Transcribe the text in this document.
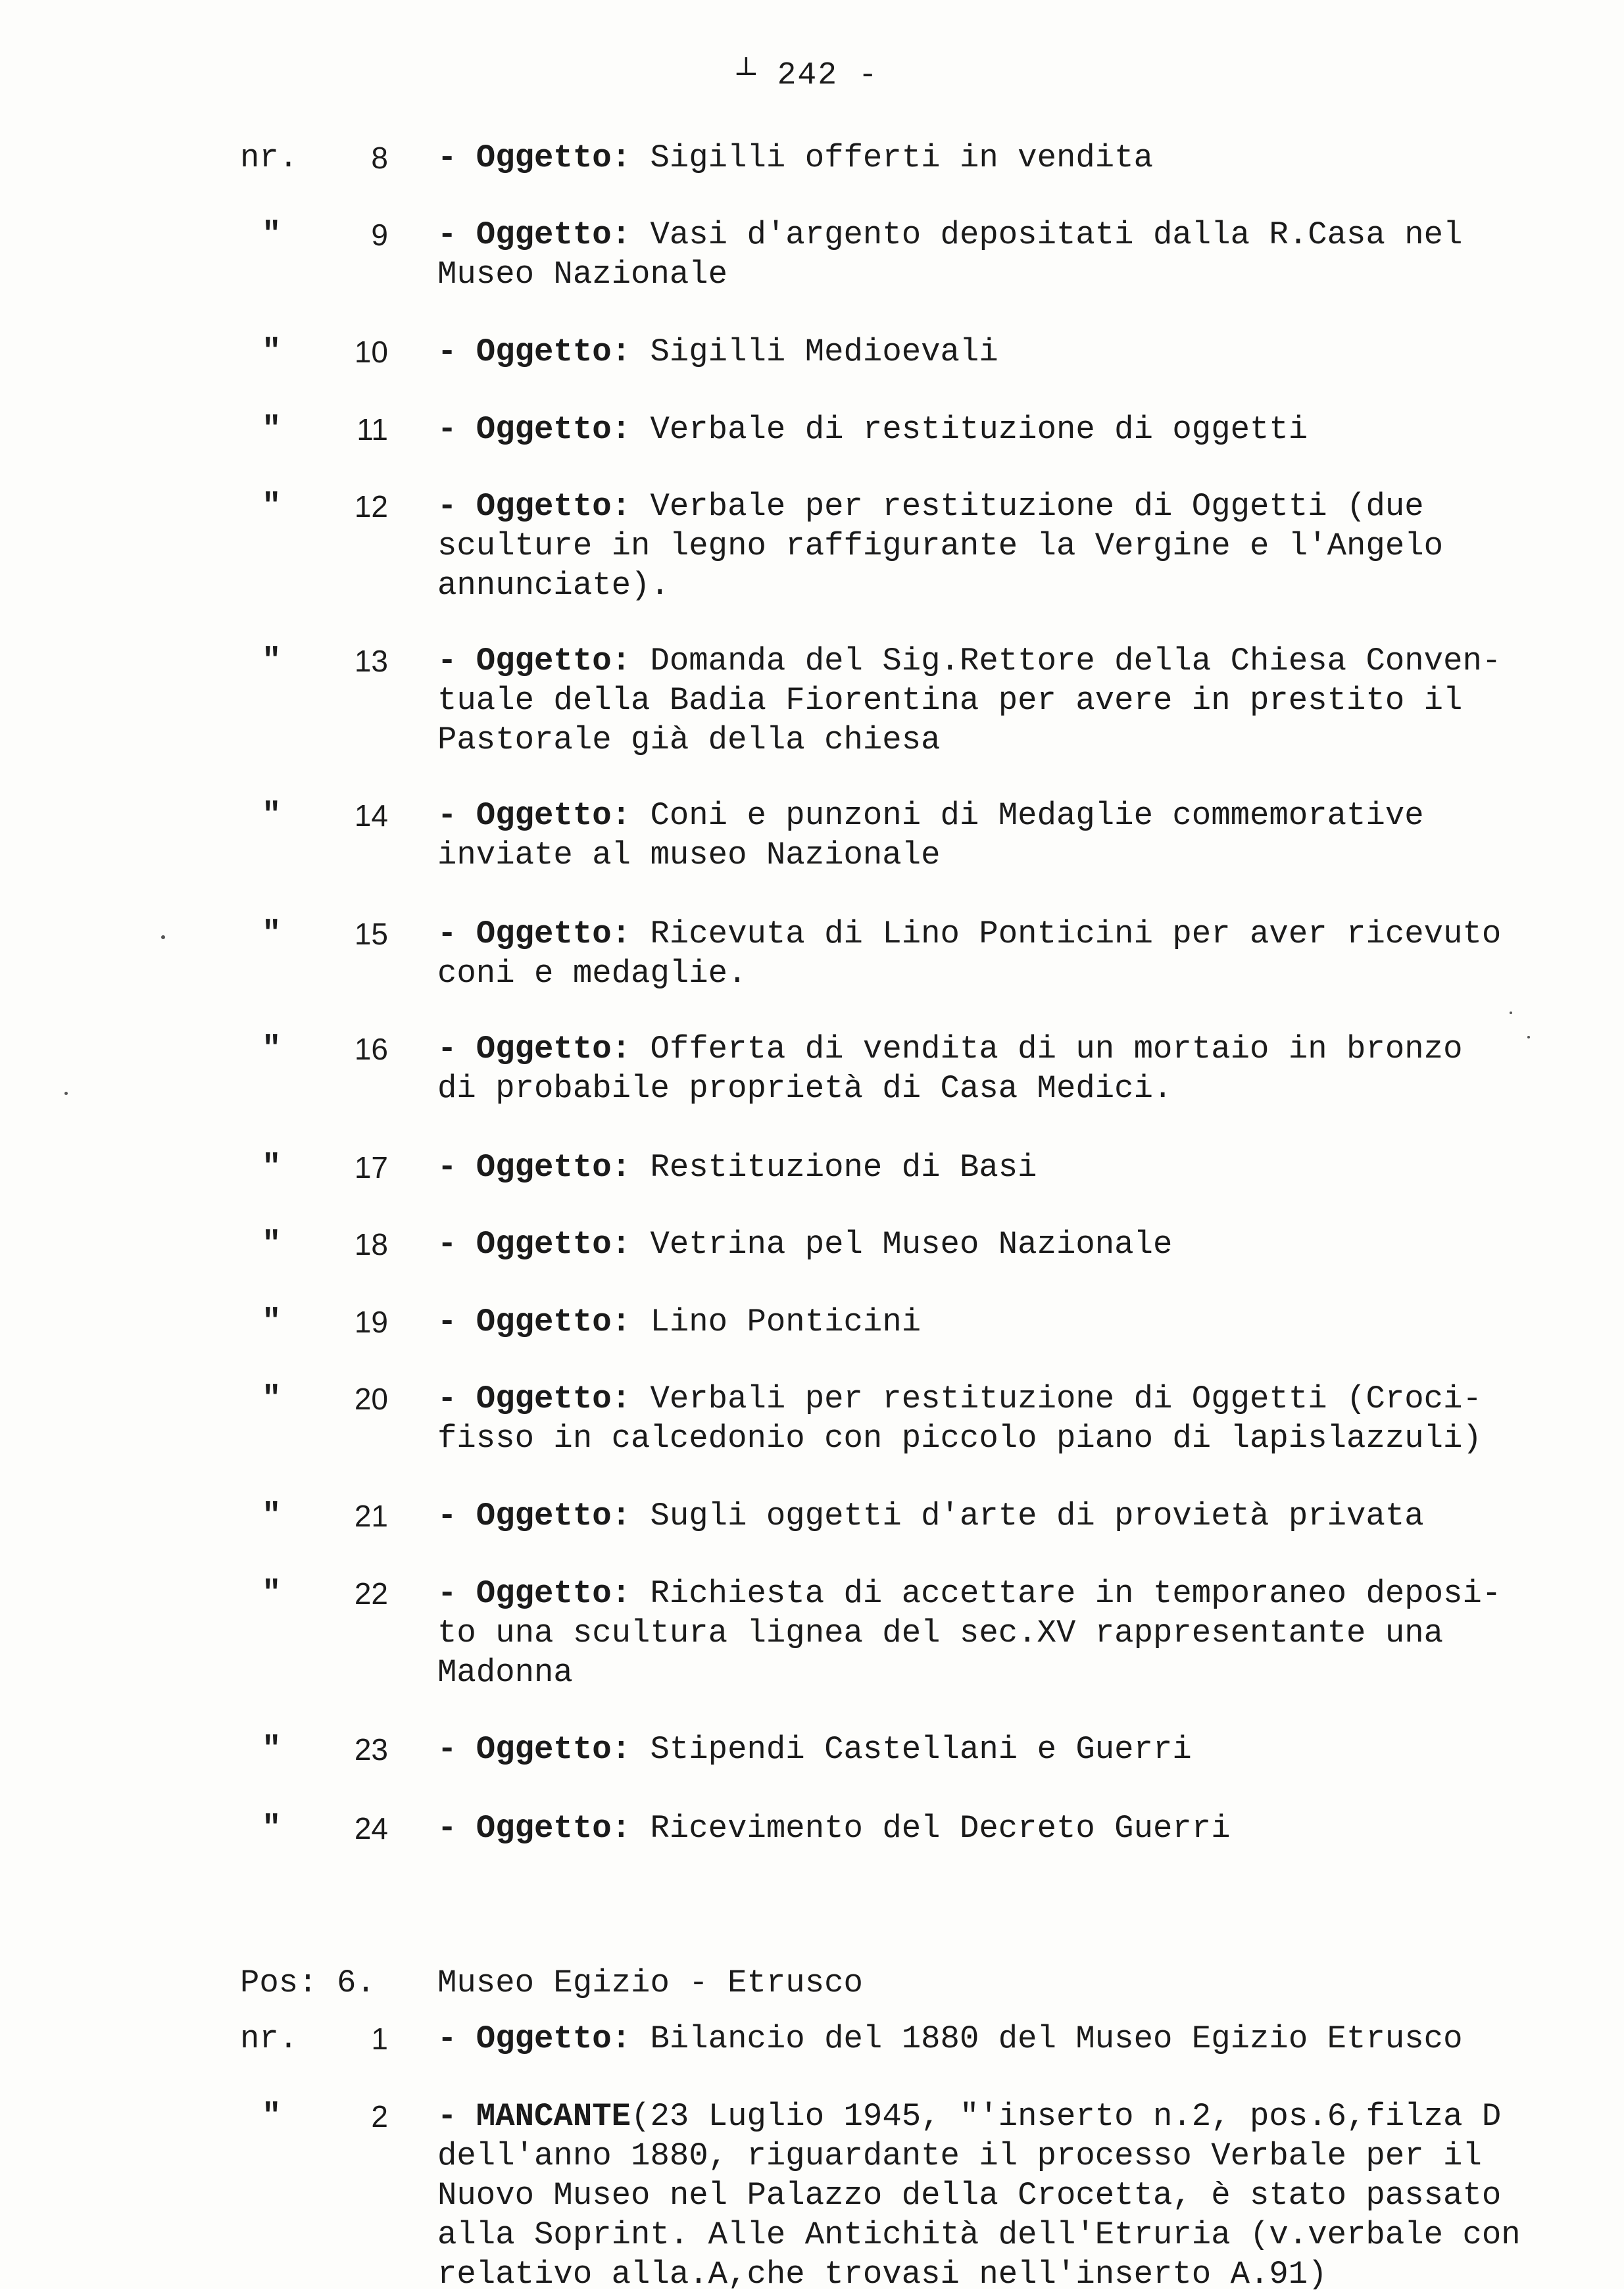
┴ 242 -
nr.	8 - Oggetto: Sigilli offerti in vendita
"	9 - Oggetto: Vasi d'argento depositati dalla R.Casa nel
Museo Nazionale
"	10 - Oggetto: Sigilli Medioevali
"	11 - Oggetto: Verbale di restituzione di oggetti
"	12 - Oggetto: Verbale per restituzione di Oggetti (due
sculture in legno raffigurante la Vergine e l'Angelo
annunciate).
"	13 - Oggetto: Domanda del Sig.Rettore della Chiesa Conven-
tuale della Badia Fiorentina per avere in prestito il
Pastorale già della chiesa
"	14 - Oggetto: Coni e punzoni di Medaglie commemorative
inviate al museo Nazionale
"	15 - Oggetto: Ricevuta di Lino Ponticini per aver ricevuto
coni e medaglie.
"	16 - Oggetto: Offerta di vendita di un mortaio in bronzo
di probabile proprietà di Casa Medici.
"	17 - Oggetto: Restituzione di Basi
"	18 - Oggetto: Vetrina pel Museo Nazionale
"	19 - Oggetto: Lino Ponticini
"	20 - Oggetto: Verbali per restituzione di Oggetti (Croci-
fisso in calcedonio con piccolo piano di lapislazzuli)
"	21 - Oggetto: Sugli oggetti d'arte di provietà privata
"	22 - Oggetto: Richiesta di accettare in temporaneo deposi-
to una scultura lignea del sec.XV rappresentante una
Madonna
"	23 - Oggetto: Stipendi Castellani e Guerri
"	24 - Oggetto: Ricevimento del Decreto Guerri
Pos: 6. Museo Egizio - Etrusco
nr.	1 - Oggetto: Bilancio del 1880 del Museo Egizio Etrusco
"	2 - MANCANTE(23 Luglio 1945, "'inserto n.2, pos.6,filza D
dell'anno 1880, riguardante il processo Verbale per il
Nuovo Museo nel Palazzo della Crocetta, è stato passato
alla Soprint. Alle Antichità dell'Etruria (v.verbale con
relativo alla.A,che trovasi nell'inserto A.91)
